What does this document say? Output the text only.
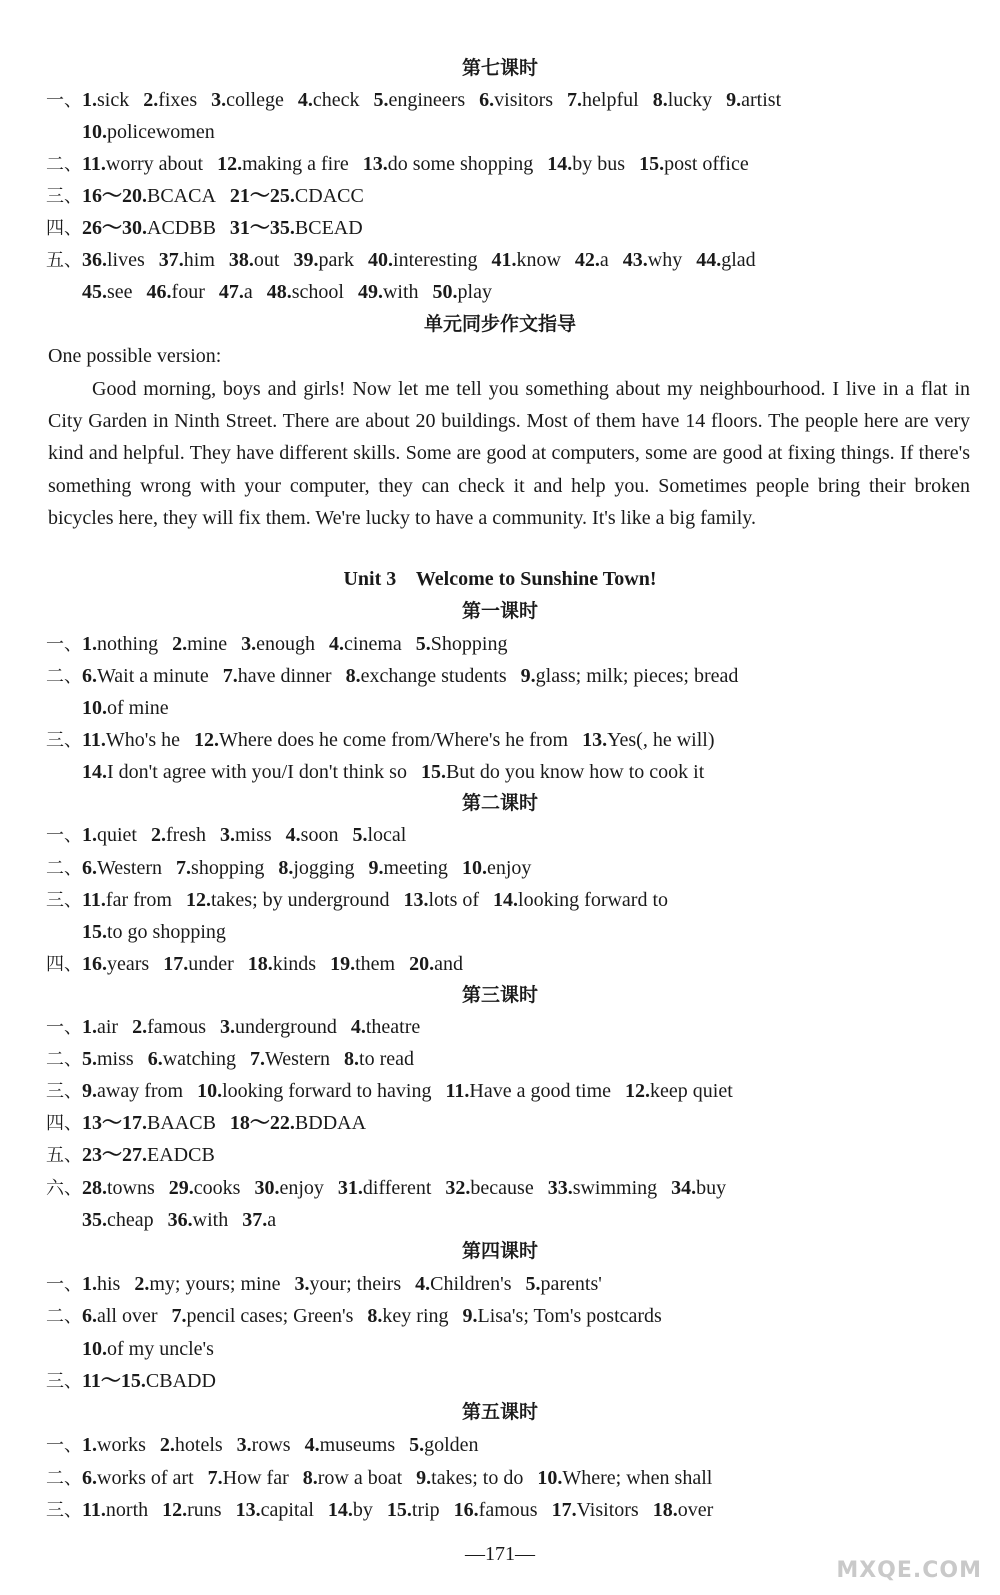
第七课时
一、1.sick 2.fixes 3.college 4.check 5.engineers 6.visitors 7.helpful 8.lucky 9.artist
10.policewomen
二、11.worry about 12.making a fire 13.do some shopping 14.by bus 15.post office
三、16～20.BCACA 21～25.CDACC
四、26～30.ACDBB 31～35.BCEAD
五、36.lives 37.him 38.out 39.park 40.interesting 41.know 42.a 43.why 44.glad
45.see 46.four 47.a 48.school 49.with 50.play
单元同步作文指导
One possible version:
Good morning, boys and girls! Now let me tell you something about my neighbourhood. I live in a flat in City Garden in Ninth Street. There are about 20 buildings. Most of them have 14 floors. The people here are very kind and helpful. They have different skills. Some are good at computers, some are good at fixing things. If there's something wrong with your computer, they can check it and help you. Sometimes people bring their broken bicycles here, they will fix them. We're lucky to have a community. It's like a big family.
Unit 3    Welcome to Sunshine Town!
第一课时
一、1.nothing 2.mine 3.enough 4.cinema 5.Shopping
二、6.Wait a minute 7.have dinner 8.exchange students 9.glass; milk; pieces; bread
10.of mine
三、11.Who's he 12.Where does he come from/Where's he from 13.Yes(, he will)
14.I don't agree with you/I don't think so 15.But do you know how to cook it
第二课时
一、1.quiet 2.fresh 3.miss 4.soon 5.local
二、6.Western 7.shopping 8.jogging 9.meeting 10.enjoy
三、11.far from 12.takes; by underground 13.lots of 14.looking forward to
15.to go shopping
四、16.years 17.under 18.kinds 19.them 20.and
第三课时
一、1.air 2.famous 3.underground 4.theatre
二、5.miss 6.watching 7.Western 8.to read
三、9.away from 10.looking forward to having 11.Have a good time 12.keep quiet
四、13～17.BAACB 18～22.BDDAA
五、23～27.EADCB
六、28.towns 29.cooks 30.enjoy 31.different 32.because 33.swimming 34.buy
35.cheap 36.with 37.a
第四课时
一、1.his 2.my; yours; mine 3.your; theirs 4.Children's 5.parents'
二、6.all over 7.pencil cases; Green's 8.key ring 9.Lisa's; Tom's postcards
10.of my uncle's
三、11～15.CBADD
第五课时
一、1.works 2.hotels 3.rows 4.museums 5.golden
二、6.works of art 7.How far 8.row a boat 9.takes; to do 10.Where; when shall
三、11.north 12.runs 13.capital 14.by 15.trip 16.famous 17.Visitors 18.over
—171—
MXQE.COM
